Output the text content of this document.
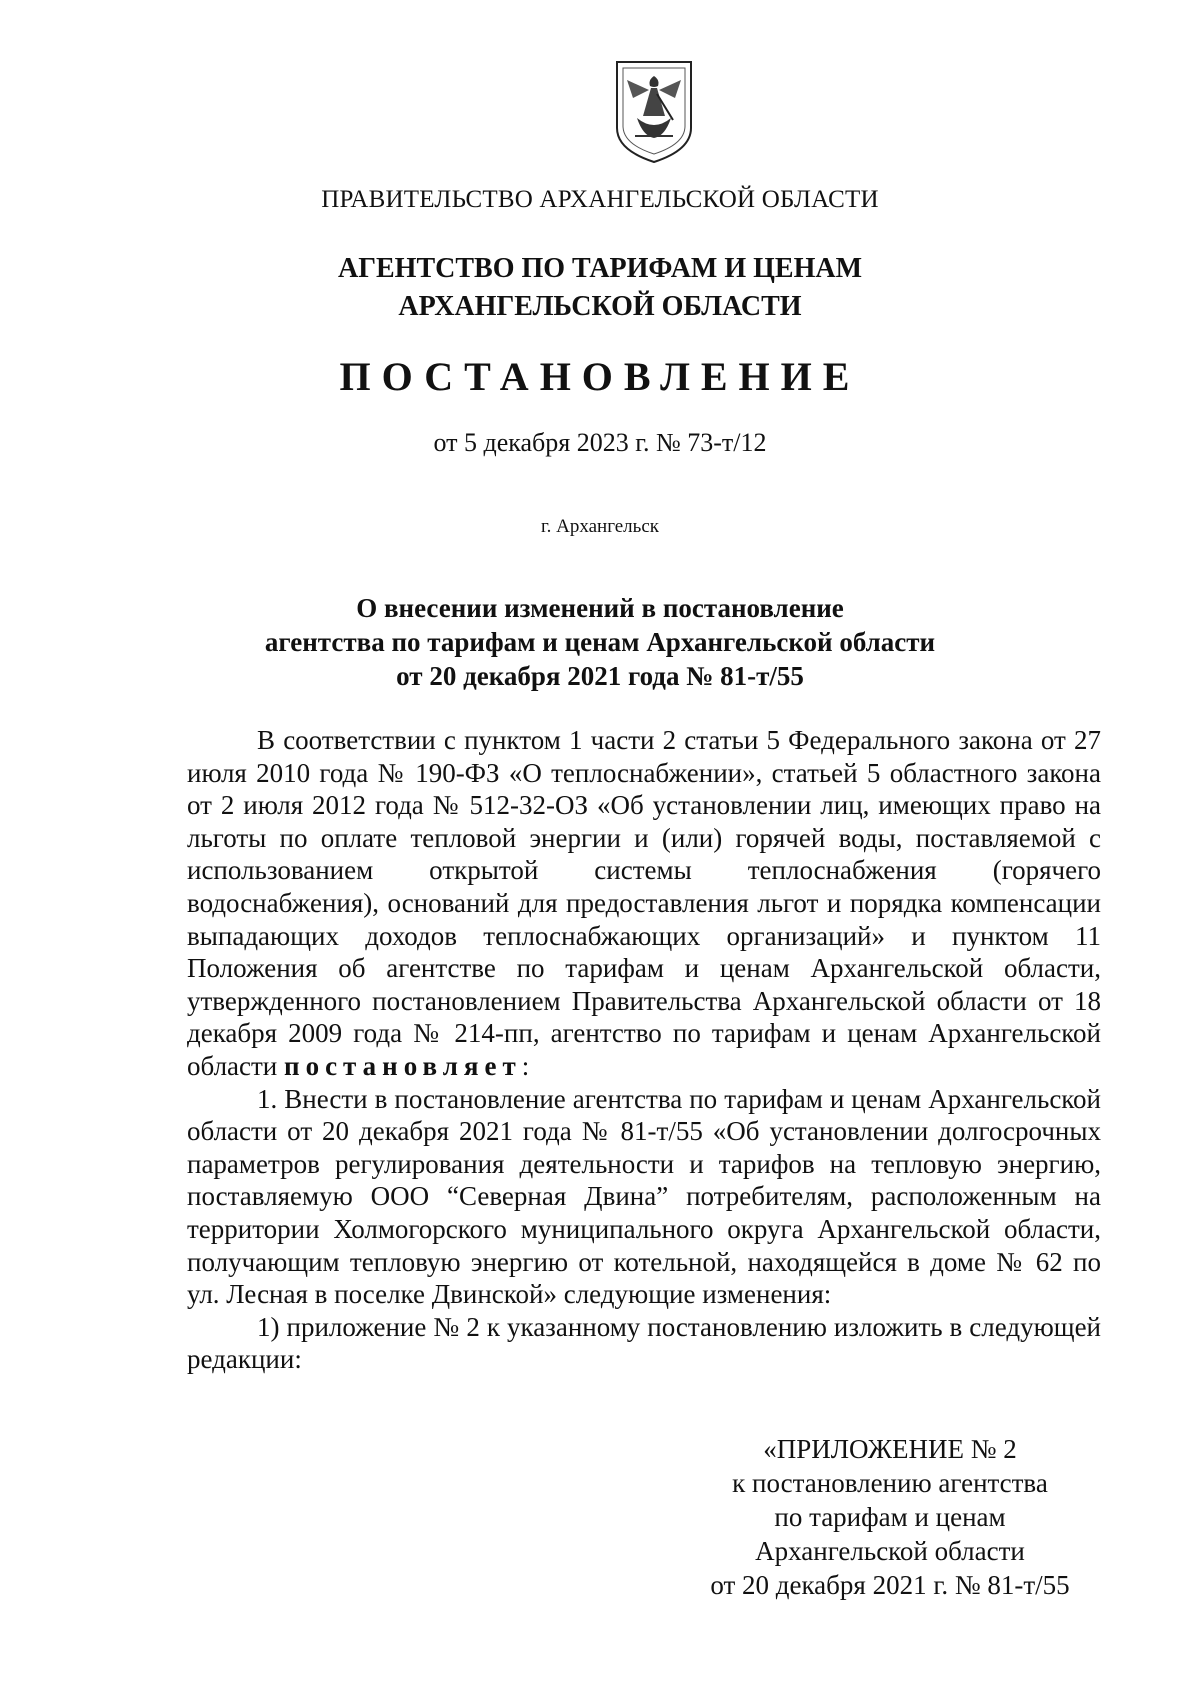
ПРАВИТЕЛЬСТВО АРХАНГЕЛЬСКОЙ ОБЛАСТИ
АГЕНТСТВО ПО ТАРИФАМ И ЦЕНАМ
АРХАНГЕЛЬСКОЙ ОБЛАСТИ
ПОСТАНОВЛЕНИЕ
от 5 декабря 2023 г. № 73-т/12
г. Архангельск
О внесении изменений в постановление
агентства по тарифам и ценам Архангельской области
от 20 декабря 2021 года № 81-т/55

В соответствии с пунктом 1 части 2 статьи 5 Федерального закона от 27 июля 2010 года № 190-ФЗ «О теплоснабжении», статьей 5 областного закона от 2 июля 2012 года № 512-32-ОЗ «Об установлении лиц, имеющих право на льготы по оплате тепловой энергии и (или) горячей воды, поставляемой с использованием открытой системы теплоснабжения (горячего водоснабжения), оснований для предоставления льгот и порядка компенсации выпадающих доходов теплоснабжающих организаций» и пунктом 11 Положения об агентстве по тарифам и ценам Архангельской области, утвержденного постановлением Правительства Архангельской области от 18 декабря 2009 года № 214-пп, агентство по тарифам и ценам Архангельской области постановляет:

1. Внести в постановление агентства по тарифам и ценам Архангельской области от 20 декабря 2021 года № 81-т/55 «Об установлении долгосрочных параметров регулирования деятельности и тарифов на тепловую энергию, поставляемую ООО “Северная Двина” потребителям, расположенным на территории Холмогорского муниципального округа Архангельской области, получающим тепловую энергию от котельной, находящейся в доме № 62 по ул. Лесная в поселке Двинской» следующие изменения:

1) приложение № 2 к указанному постановлению изложить в следующей редакции:

«ПРИЛОЖЕНИЕ № 2
к постановлению агентства
по тарифам и ценам
Архангельской области
от 20 декабря 2021 г. № 81-т/55
